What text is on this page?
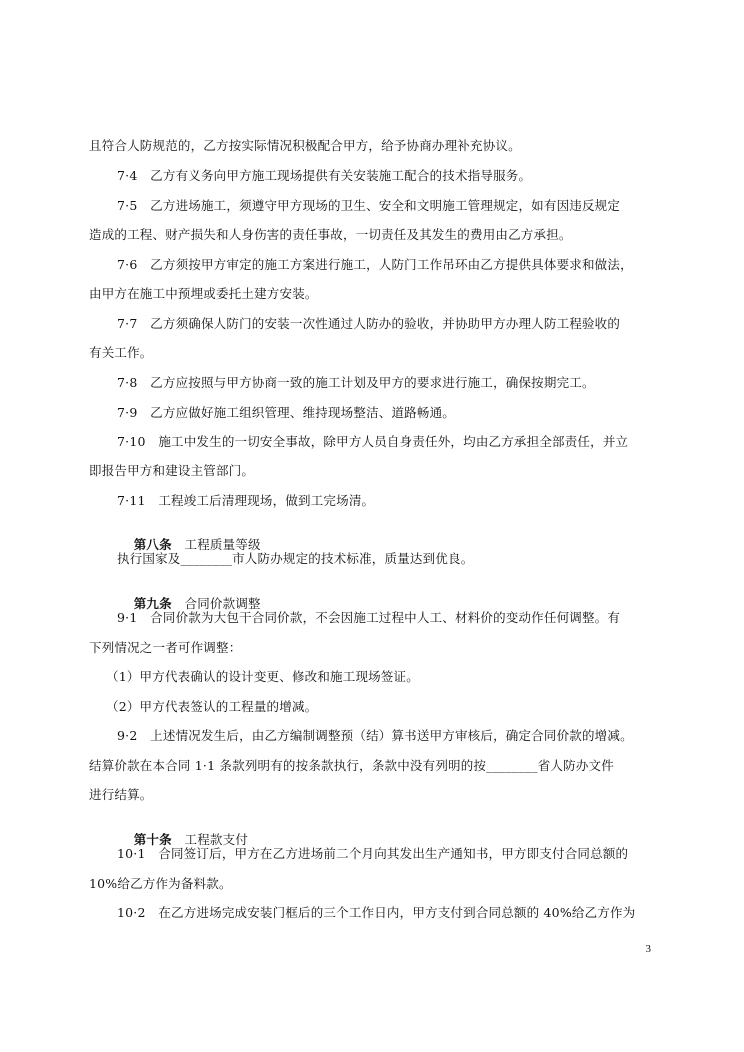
且符合人防规范的，乙方按实际情况积极配合甲方，给予协商办理补充协议。
7·4　乙方有义务向甲方施工现场提供有关安装施工配合的技术指导服务。
7·5　乙方进场施工，须遵守甲方现场的卫生、安全和文明施工管理规定，如有因违反规定
造成的工程、财产损失和人身伤害的责任事故，一切责任及其发生的费用由乙方承担。
7·6　乙方须按甲方审定的施工方案进行施工，人防门工作吊环由乙方提供具体要求和做法，
由甲方在施工中预埋或委托土建方安装。
7·7　乙方须确保人防门的安装一次性通过人防办的验收，并协助甲方办理人防工程验收的
有关工作。
7·8　乙方应按照与甲方协商一致的施工计划及甲方的要求进行施工，确保按期完工。
7·9　乙方应做好施工组织管理、维持现场整洁、道路畅通。
7·10　施工中发生的一切安全事故，除甲方人员自身责任外，均由乙方承担全部责任，并立
即报告甲方和建设主管部门。
7·11　工程竣工后清理现场，做到工完场清。

第八条　 工程质量等级

执行国家及________市人防办规定的技术标准，质量达到优良。

第九条　 合同价款调整

9·1　合同价款为大包干合同价款，不会因施工过程中人工、材料价的变动作任何调整。有
下列情况之一者可作调整：
（1）甲方代表确认的设计变更、修改和施工现场签证。
（2）甲方代表签认的工程量的增减。
9·2　上述情况发生后，由乙方编制调整预（结）算书送甲方审核后，确定合同价款的增减。
结算价款在本合同 1·1 条款列明有的按条款执行，条款中没有列明的按________省人防办文件
进行结算。

第十条　 工程款支付

10·1　合同签订后，甲方在乙方进场前二个月向其发出生产通知书，甲方即支付合同总额的
10%给乙方作为备料款。
10·2　在乙方进场完成安装门框后的三个工作日内，甲方支付到合同总额的 40%给乙方作为
3
